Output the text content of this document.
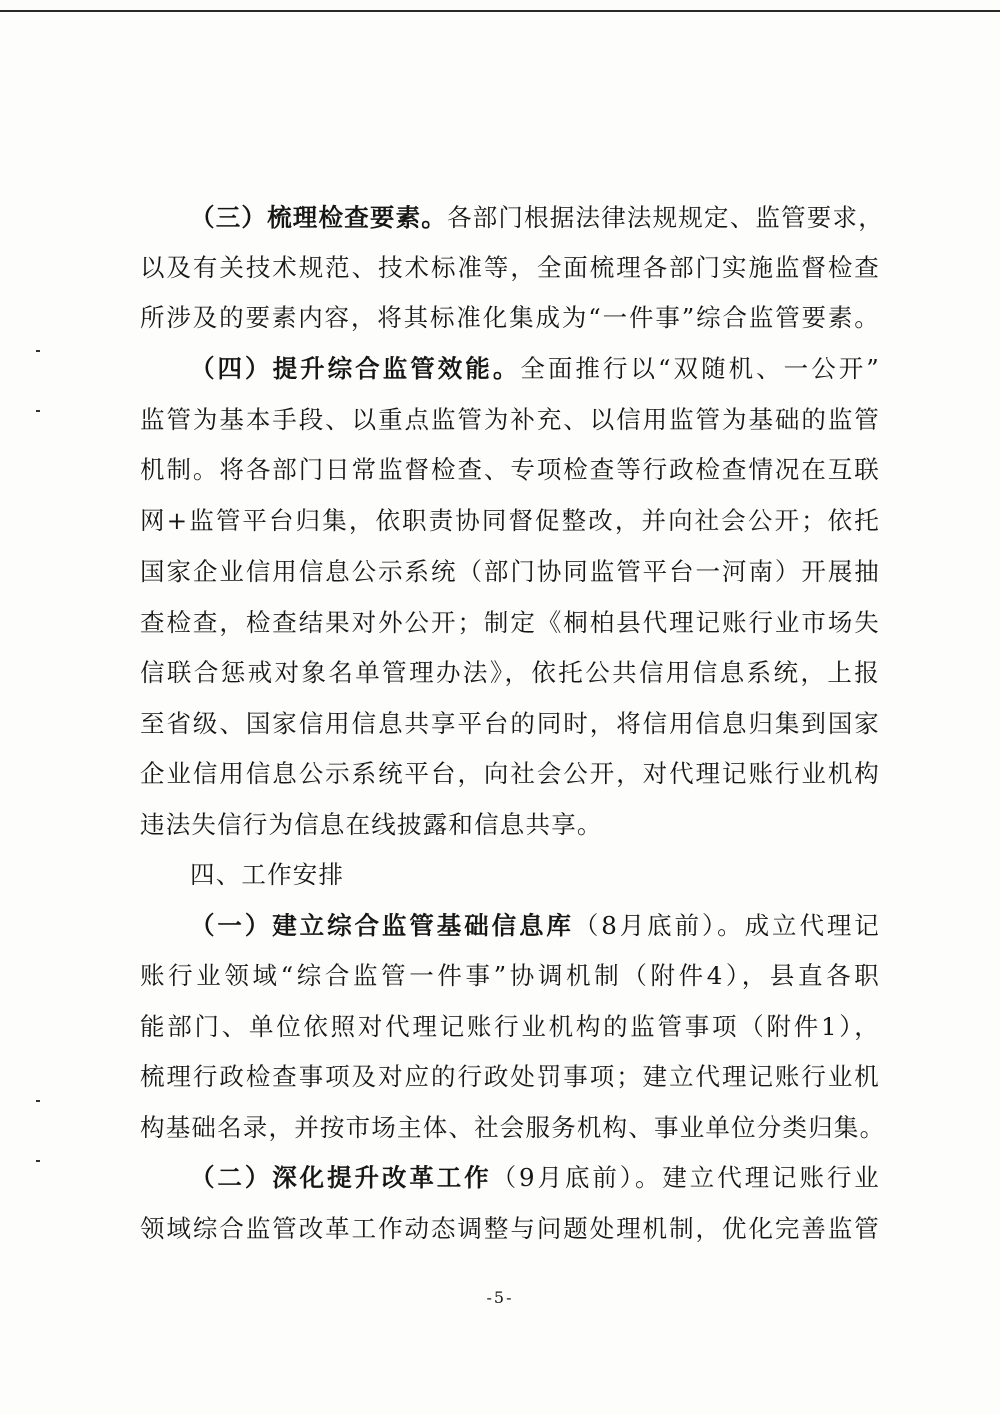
（三）梳理检查要素。各部门根据法律法规规定、监管要求，
以及有关技术规范、技术标准等，全面梳理各部门实施监督检查
所涉及的要素内容，将其标准化集成为“一件事”综合监管要素。
（四）提升综合监管效能。全面推行以“双随机、一公开”
监管为基本手段、以重点监管为补充、以信用监管为基础的监管
机制。将各部门日常监督检查、专项检查等行政检查情况在互联
网+监管平台归集，依职责协同督促整改，并向社会公开；依托
国家企业信用信息公示系统（部门协同监管平台一河南）开展抽
查检查，检查结果对外公开；制定《桐柏县代理记账行业市场失
信联合惩戒对象名单管理办法》，依托公共信用信息系统，上报
至省级、国家信用信息共享平台的同时，将信用信息归集到国家
企业信用信息公示系统平台，向社会公开，对代理记账行业机构
违法失信行为信息在线披露和信息共享。
四、工作安排
（一）建立综合监管基础信息库（8月底前）。成立代理记
账行业领域“综合监管一件事”协调机制（附件4），县直各职
能部门、单位依照对代理记账行业机构的监管事项（附件1），
梳理行政检查事项及对应的行政处罚事项；建立代理记账行业机
构基础名录，并按市场主体、社会服务机构、事业单位分类归集。
（二）深化提升改革工作（9月底前）。建立代理记账行业
领域综合监管改革工作动态调整与问题处理机制，优化完善监管
-5-
